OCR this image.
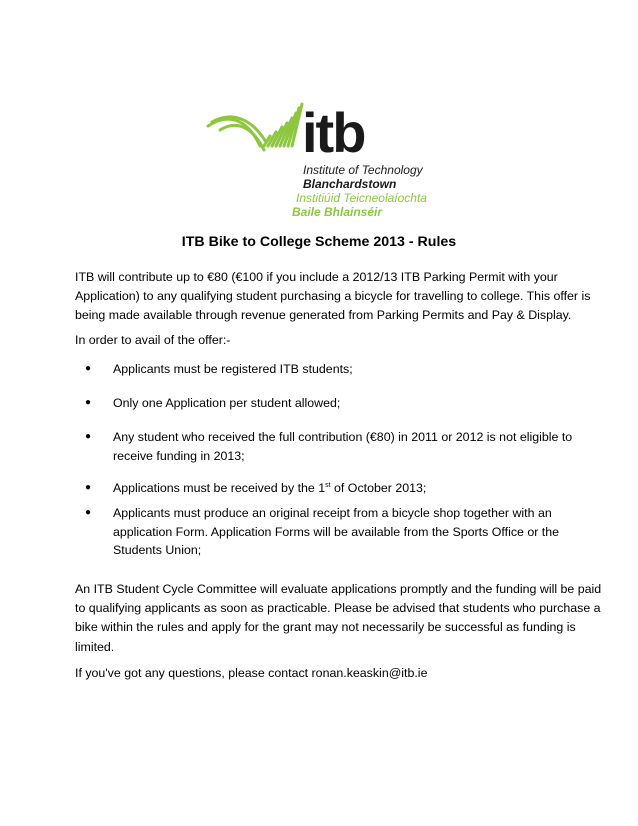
itb
Institute of Technology
Blanchardstown
Institiúid Teicneolaíochta
Baile Bhlainséir
ITB Bike to College Scheme 2013 - Rules
ITB will contribute up to €80 (€100 if you include a 2012/13 ITB Parking Permit with your
Application) to any qualifying student purchasing a bicycle for travelling to college. This offer is
being made available through revenue generated from Parking Permits and Pay & Display.

In order to avail of the offer:-

● Applicants must be registered ITB students;
● Only one Application per student allowed;
● Any student who received the full contribution (€80) in 2011 or 2012 is not eligible to
receive funding in 2013;
● Applications must be received by the 1st of October 2013;
● Applicants must produce an original receipt from a bicycle shop together with an
application Form. Application Forms will be available from the Sports Office or the
Students Union;
An ITB Student Cycle Committee will evaluate applications promptly and the funding will be paid
to qualifying applicants as soon as practicable. Please be advised that students who purchase a
bike within the rules and apply for the grant may not necessarily be successful as funding is
limited.

If you've got any questions, please contact ronan.keaskin@itb.ie
